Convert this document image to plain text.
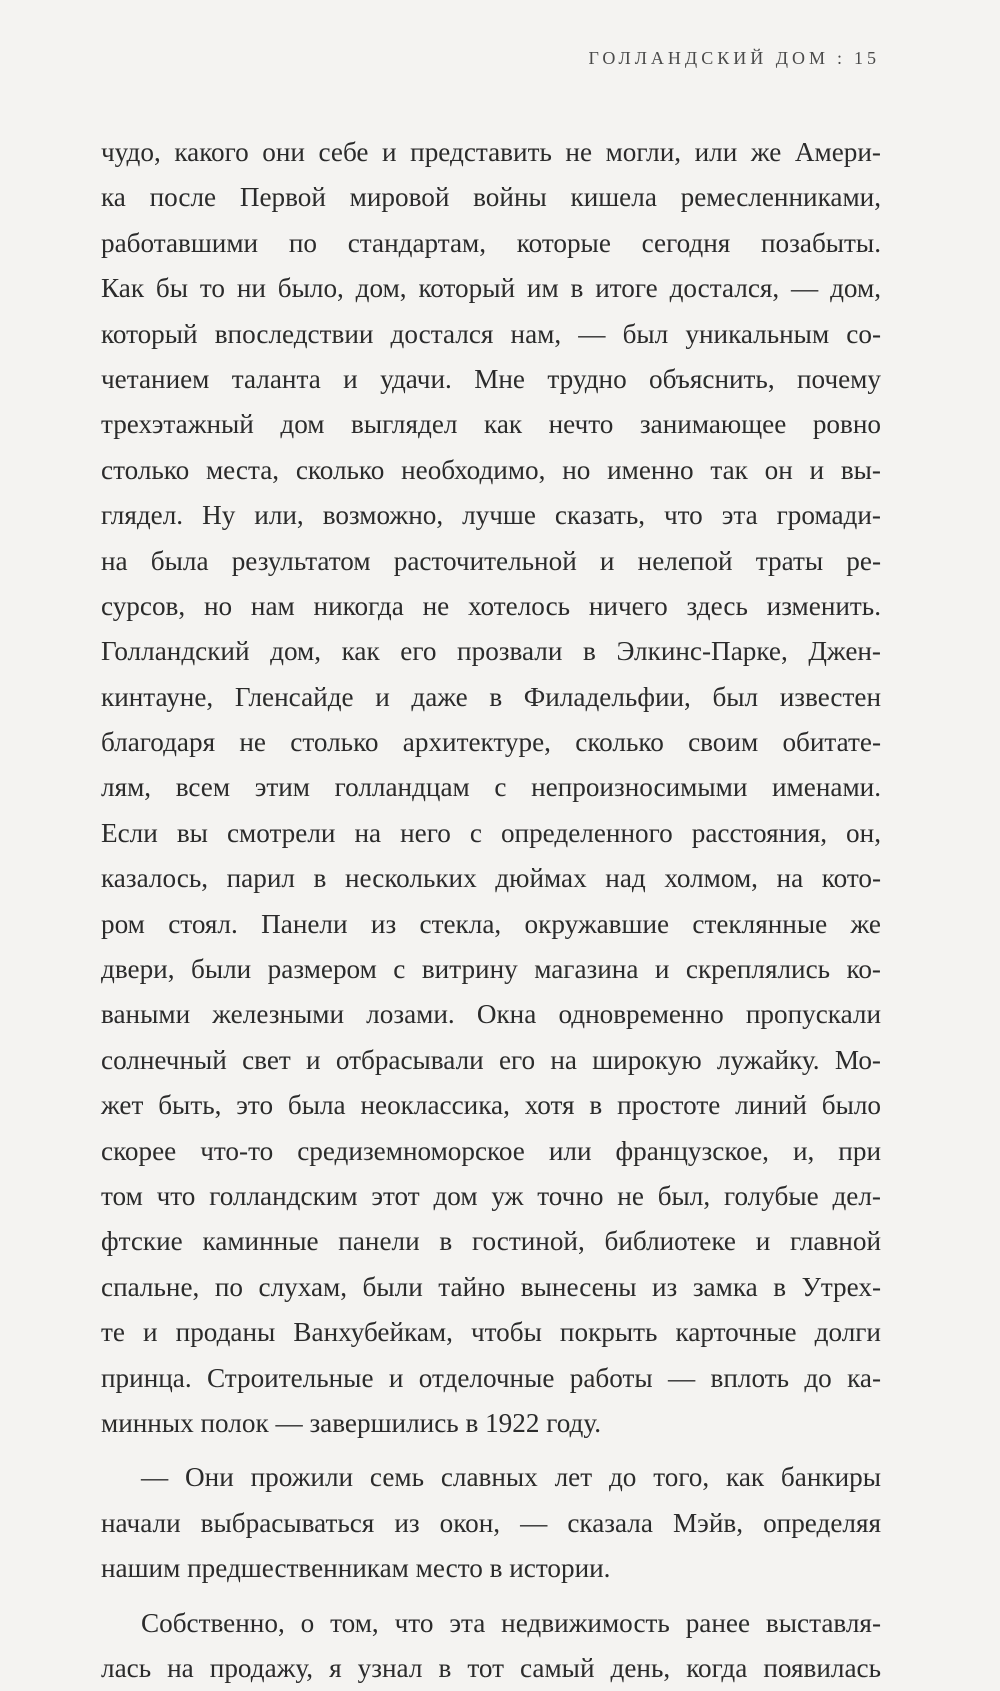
ГОЛЛАНДСКИЙ ДОМ : 15
чудо, какого они себе и представить не могли, или же Амери-
ка после Первой мировой войны кишела ремесленниками,
работавшими по стандартам, которые сегодня позабыты.
Как бы то ни было, дом, который им в итоге достался, — дом,
который впоследствии достался нам, — был уникальным со-
четанием таланта и удачи. Мне трудно объяснить, почему
трехэтажный дом выглядел как нечто занимающее ровно
столько места, сколько необходимо, но именно так он и вы-
глядел. Ну или, возможно, лучше сказать, что эта громади-
на была результатом расточительной и нелепой траты ре-
сурсов, но нам никогда не хотелось ничего здесь изменить.
Голландский дом, как его прозвали в Элкинс-Парке, Джен-
кинтауне, Гленсайде и даже в Филадельфии, был известен
благодаря не столько архитектуре, сколько своим обитате-
лям, всем этим голландцам с непроизносимыми именами.
Если вы смотрели на него с определенного расстояния, он,
казалось, парил в нескольких дюймах над холмом, на кото-
ром стоял. Панели из стекла, окружавшие стеклянные же
двери, были размером с витрину магазина и скреплялись ко-
ваными железными лозами. Окна одновременно пропускали
солнечный свет и отбрасывали его на широкую лужайку. Мо-
жет быть, это была неоклассика, хотя в простоте линий было
скорее что-то средиземноморское или французское, и, при
том что голландским этот дом уж точно не был, голубые дел-
фтские каминные панели в гостиной, библиотеке и главной
спальне, по слухам, были тайно вынесены из замка в Утрех-
те и проданы Ванхубейкам, чтобы покрыть карточные долги
принца. Строительные и отделочные работы — вплоть до ка-
минных полок — завершились в 1922 году.
— Они прожили семь славных лет до того, как банкиры
начали выбрасываться из окон, — сказала Мэйв, определяя
нашим предшественникам место в истории.
Собственно, о том, что эта недвижимость ранее выставля-
лась на продажу, я узнал в тот самый день, когда появилась
